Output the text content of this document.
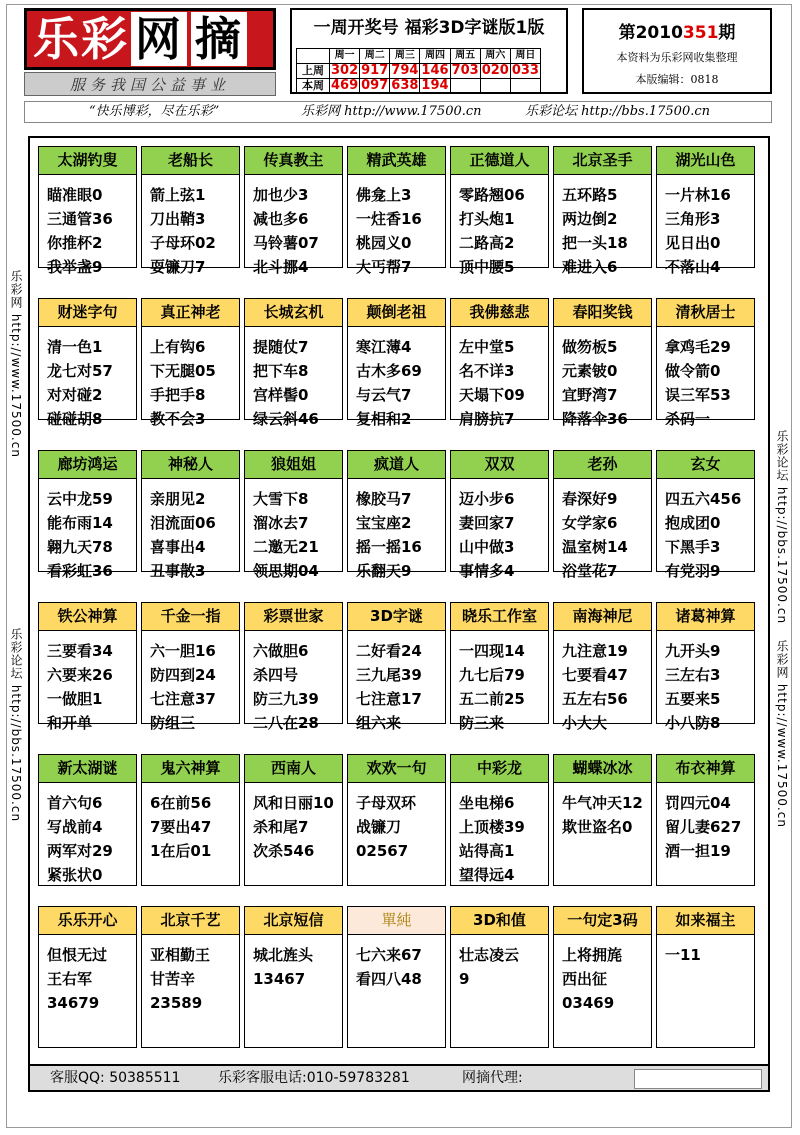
乐彩 网 摘
服务我国公益事业
一周开奖号 福彩3D字谜版1版
	周一	周二	周三	周四	周五	周六	周日
上周	302	917	794	146	703	020	033
本周	469	097	638	194			
第2010351期
本资料为乐彩网收集整理
本版编辑：0818
“快乐博彩，尽在乐彩”	乐彩网 http://www.17500.cn	乐彩论坛 http://bbs.17500.cn
乐彩网 http://www.17500.cn
乐彩论坛 http://bbs.17500.cn
乐彩论坛 http://bbs.17500.cn
乐彩网 http://www.17500.cn
太湖钓叟
瞄准眼0
三通管36
你推杯2
我举盏9
老船长
箭上弦1
刀出鞘3
子母环02
耍镰刀7
传真教主
加也少3
减也多6
马铃薯07
北斗挪4
精武英雄
佛龛上3
一炷香16
桃园义0
大丐帮7
正德道人
零路翘06
打头炮1
二路高2
顶中腰5
北京圣手
五环路5
两边倒2
把一头18
难进入6
湖光山色
一片林16
三角形3
见日出0
不落山4
财迷字句
清一色1
龙七对57
对对碰2
碰碰胡8
真正神老
上有钩6
下无腿05
手把手8
教不会3
长城玄机
提随仗7
把下车8
宫样髻0
绿云斜46
颠倒老祖
寒江薄4
古木多69
与云气7
复相和2
我佛慈悲
左中堂5
名不详3
天塌下09
肩膀抗7
春阳奖钱
做笏板5
元素铍0
宜野湾7
降落伞36
清秋居士
拿鸡毛29
做令箭0
误三军53
杀码一
廊坊鸿运
云中龙59
能布雨14
翱九天78
看彩虹36
神秘人
亲朋见2
泪流面06
喜事出4
丑事散3
狼姐姐
大雪下8
溜冰去7
二邀无21
领思期04
疯道人
橡胶马7
宝宝座2
摇一摇16
乐翻天9
双双
迈小步6
妻回家7
山中做3
事情多4
老孙
春深好9
女学家6
温室树14
浴堂花7
玄女
四五六456
抱成团0
下黑手3
有党羽9
铁公神算
三要看34
六要来26
一做胆1
和开单
千金一指
六一胆16
防四到24
七注意37
防组三
彩票世家
六做胆6
杀四号
防三九39
二八在28
3D字谜
二好看24
三九尾39
七注意17
组六来
晓乐工作室
一四现14
九七后79
五二前25
防三来
南海神尼
九注意19
七要看47
五左右56
小大大
诸葛神算
九开头9
三左右3
五要来5
小八防8
新太湖谜
首六句6
写战前4
两军对29
紧张状0
鬼六神算
6在前56
7要出47
1在后01
西南人
风和日丽10
杀和尾7
次杀546
欢欢一句
子母双环
战镰刀
02567
中彩龙
坐电梯6
上顶楼39
站得高1
望得远4
蝴蝶冰冰
牛气冲天12
欺世盗名0
布衣神算
罚四元04
留儿妻627
酒一担19
乐乐开心
但恨无过
王右军
34679
北京千艺
亚相勤王
甘苦辛
23589
北京短信
城北旌头
13467
單純
七六来67
看四八48
3D和值
壮志凌云
9
一句定3码
上将拥旄
西出征
03469
如来福主
一11
客服QQ: 50385511	乐彩客服电话:010-59783281	网摘代理:
